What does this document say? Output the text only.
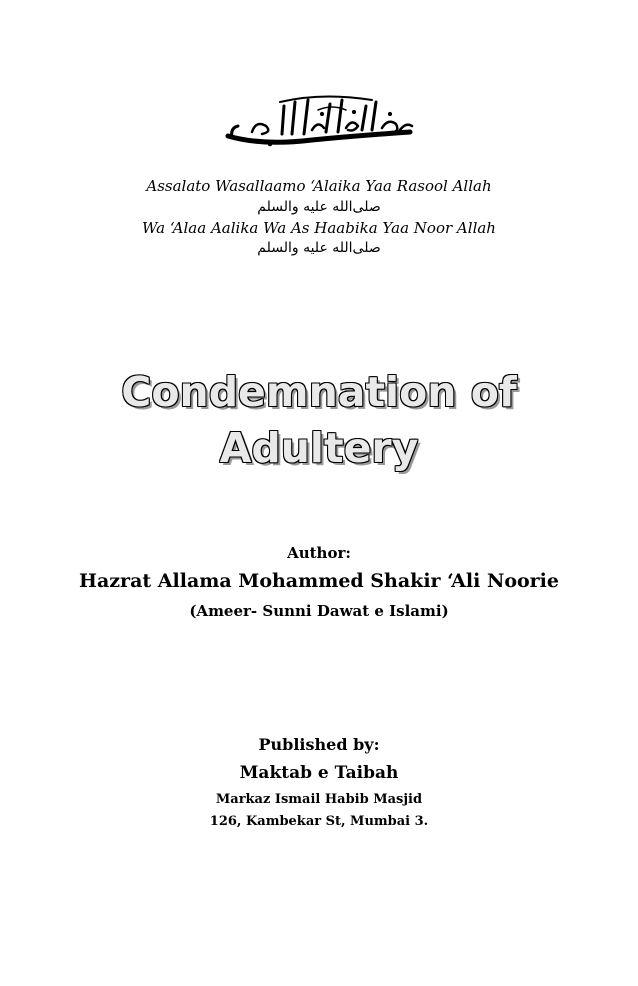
Assalato Wasallaamo ‘Alaika Yaa Rasool Allah
صلى‌الله علیه والسلم
Wa ‘Alaa Aalika Wa As Haabika Yaa Noor Allah
صلى‌الله علیه والسلم
Condemnation of
Adultery
Author:
Hazrat Allama Mohammed Shakir ‘Ali Noorie
(Ameer- Sunni Dawat e Islami)
Published by:
Maktab e Taibah
Markaz Ismail Habib Masjid
126, Kambekar St, Mumbai 3.
